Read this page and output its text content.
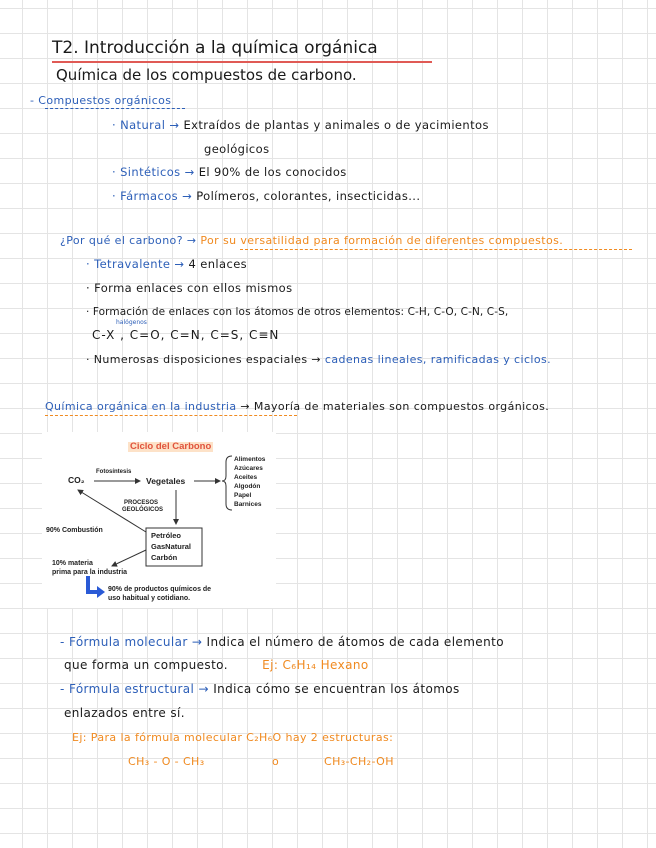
T2. Introducción a la química orgánica
Química de los compuestos de carbono.
- Compuestos orgánicos
· Natural → Extraídos de plantas y animales o de yacimientos
geológicos
· Sintéticos → El 90% de los conocidos
· Fármacos → Polímeros, colorantes, insecticidas...
¿Por qué el carbono? → Por su versatilidad para formación de diferentes compuestos.
· Tetravalente → 4 enlaces
· Forma enlaces con ellos mismos
· Formación de enlaces con los átomos de otros elementos: C-H, C-O, C-N, C-S,
halógenos
C-X , C=O, C=N, C=S, C≡N
· Numerosas disposiciones espaciales → cadenas lineales, ramificadas y ciclos.
Química orgánica en la industria → Mayoría de materiales son compuestos orgánicos.
Ciclo del Carbono
CO₂
Fotosíntesis
Vegetales
PROCESOS
GEOLÓGICOS
Alimentos
Azúcares
Aceites
Algodón
Papel
Barnices
90% Combustión
Petróleo
GasNatural
Carbón
10% materia
prima para la industria
90% de productos químicos de
uso habitual y cotidiano.
- Fórmula molecular → Indica el número de átomos de cada elemento
que forma un compuesto.	Ej: C₆H₁₄ Hexano
- Fórmula estructural → Indica cómo se encuentran los átomos
enlazados entre sí.
Ej: Para la fórmula molecular C₂H₆O hay 2 estructuras:
CH₃ - O - CH₃	o	CH₃-CH₂-OH
